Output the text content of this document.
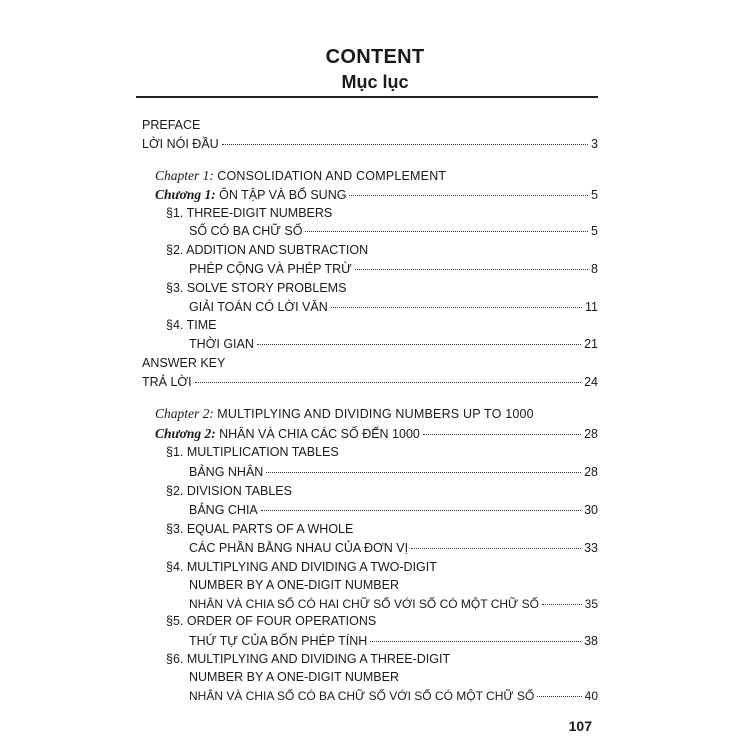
CONTENT
Mục lục
PREFACE
LỜI NÓI ĐẦU	3
Chapter 1: CONSOLIDATION AND COMPLEMENT
Chương 1: ÔN TẬP VÀ BỔ SUNG	5
§1. THREE-DIGIT NUMBERS
SỐ CÓ BA CHỮ SỐ	5
§2. ADDITION AND SUBTRACTION
PHÉP CỘNG VÀ PHÉP TRỪ	8
§3. SOLVE STORY PROBLEMS
GIẢI TOÁN CÓ LỜI VĂN	11
§4. TIME
THỜI GIAN	21
ANSWER KEY
TRẢ LỜI	24
Chapter 2: MULTIPLYING AND DIVIDING NUMBERS UP TO 1000
Chương 2: NHÂN VÀ CHIA CÁC SỐ ĐẾN 1000	28
§1. MULTIPLICATION TABLES
BẢNG NHÂN	28
§2. DIVISION TABLES
BẢNG CHIA	30
§3. EQUAL PARTS OF A WHOLE
CÁC PHẦN BẰNG NHAU CỦA ĐƠN VỊ	33
§4. MULTIPLYING AND DIVIDING A TWO-DIGIT
NUMBER BY A ONE-DIGIT NUMBER
NHÂN VÀ CHIA SỐ CÓ HAI CHỮ SỐ VỚI SỐ CÓ MỘT CHỮ SỐ	35
§5. ORDER OF FOUR OPERATIONS
THỨ TỰ CỦA BỐN PHÉP TÍNH	38
§6. MULTIPLYING AND DIVIDING A THREE-DIGIT
NUMBER BY A ONE-DIGIT NUMBER
NHÂN VÀ CHIA SỐ CÓ BA CHỮ SỐ VỚI SỐ CÓ MỘT CHỮ SỐ	40
107
